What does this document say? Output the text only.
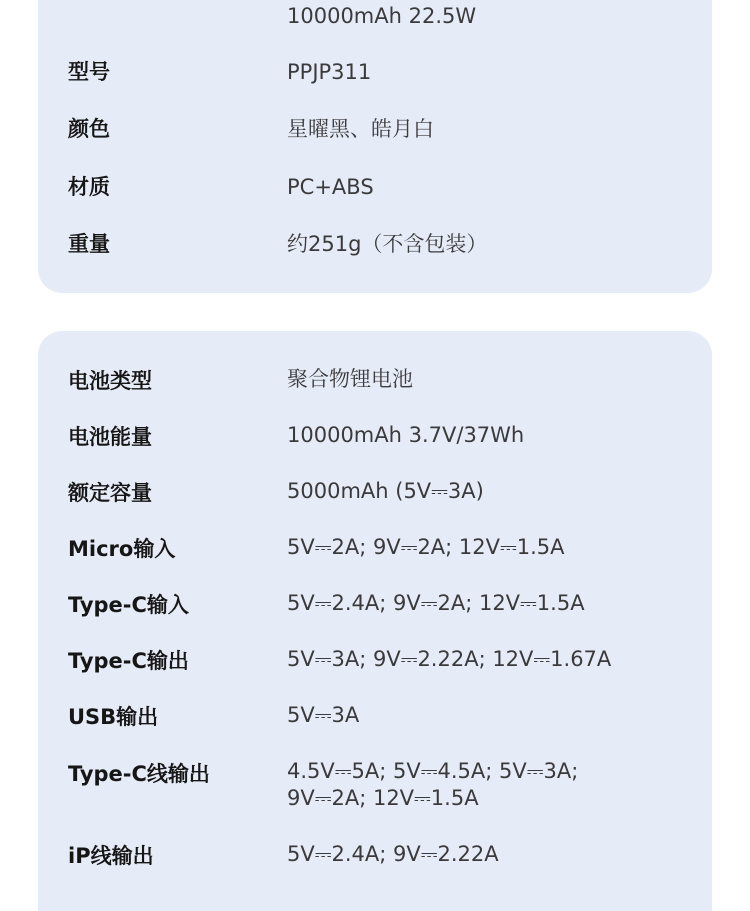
10000mAh 22.5W
型号	PPJP311
颜色	星曜黑、皓月白
材质	PC+ABS
重量	约251g（不含包装）
电池类型	聚合物锂电池
电池能量	10000mAh 3.7V/37Wh
额定容量	5000mAh (5V⎓3A)
Micro输入	5V⎓2A; 9V⎓2A; 12V⎓1.5A
Type-C输入	5V⎓2.4A; 9V⎓2A; 12V⎓1.5A
Type-C输出	5V⎓3A; 9V⎓2.22A; 12V⎓1.67A
USB输出	5V⎓3A
Type-C线输出	4.5V⎓5A; 5V⎓4.5A; 5V⎓3A;
9V⎓2A; 12V⎓1.5A
iP线输出	5V⎓2.4A; 9V⎓2.22A
